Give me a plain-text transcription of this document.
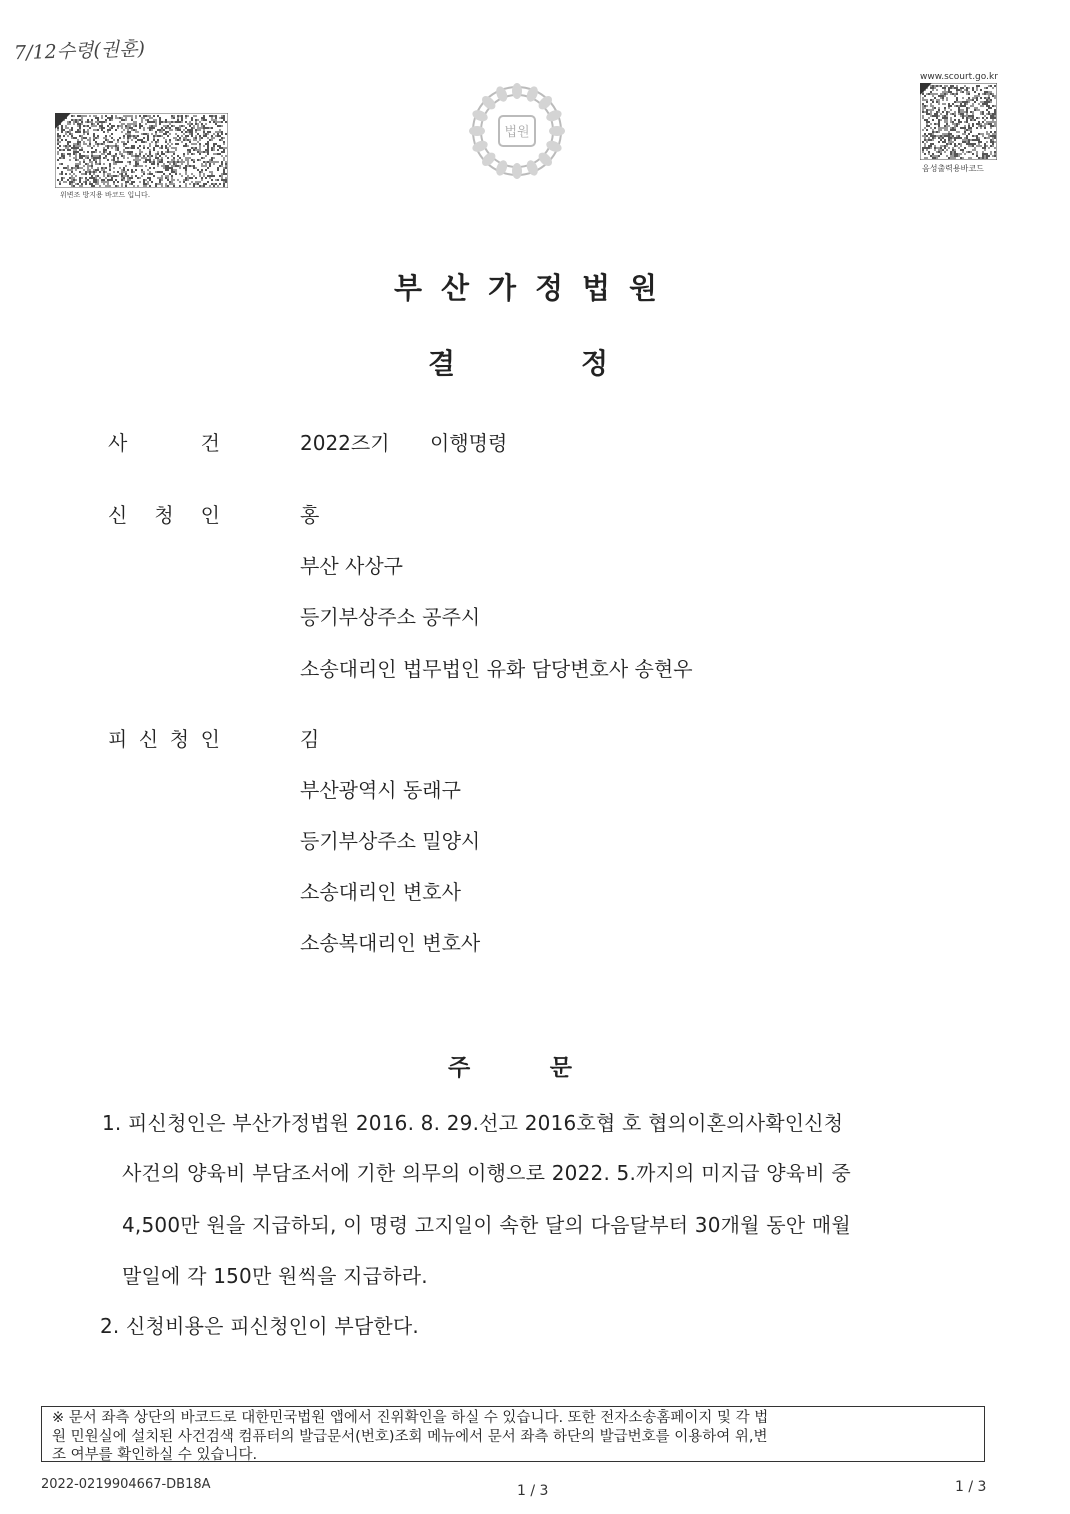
7/12수령(권훈)
위변조 방지용 바코드 입니다.
법원
www.scourt.go.kr
음성출력용바코드
부산가정법원
결	정
사	건	2022즈기 이행명령
신 청 인	홍
부산 사상구
등기부상주소 공주시
소송대리인 법무법인 유화 담당변호사 송현우
피 신 청 인	김
부산광역시 동래구
등기부상주소 밀양시
소송대리인 변호사
소송복대리인 변호사
주	문
1. 피신청인은 부산가정법원 2016. 8. 29.선고 2016호협 호 협의이혼의사확인신청
사건의 양육비 부담조서에 기한 의무의 이행으로 2022. 5.까지의 미지급 양육비 중
4,500만 원을 지급하되, 이 명령 고지일이 속한 달의 다음달부터 30개월 동안 매월
말일에 각 150만 원씩을 지급하라.
2. 신청비용은 피신청인이 부담한다.
※ 문서 좌측 상단의 바코드로 대한민국법원 앱에서 진위확인을 하실 수 있습니다. 또한 전자소송홈페이지 및 각 법
원 민원실에 설치된 사건검색 컴퓨터의 발급문서(번호)조회 메뉴에서 문서 좌측 하단의 발급번호를 이용하여 위,변
조 여부를 확인하실 수 있습니다.
2022-0219904667-DB18A	1 / 3	1 / 3
